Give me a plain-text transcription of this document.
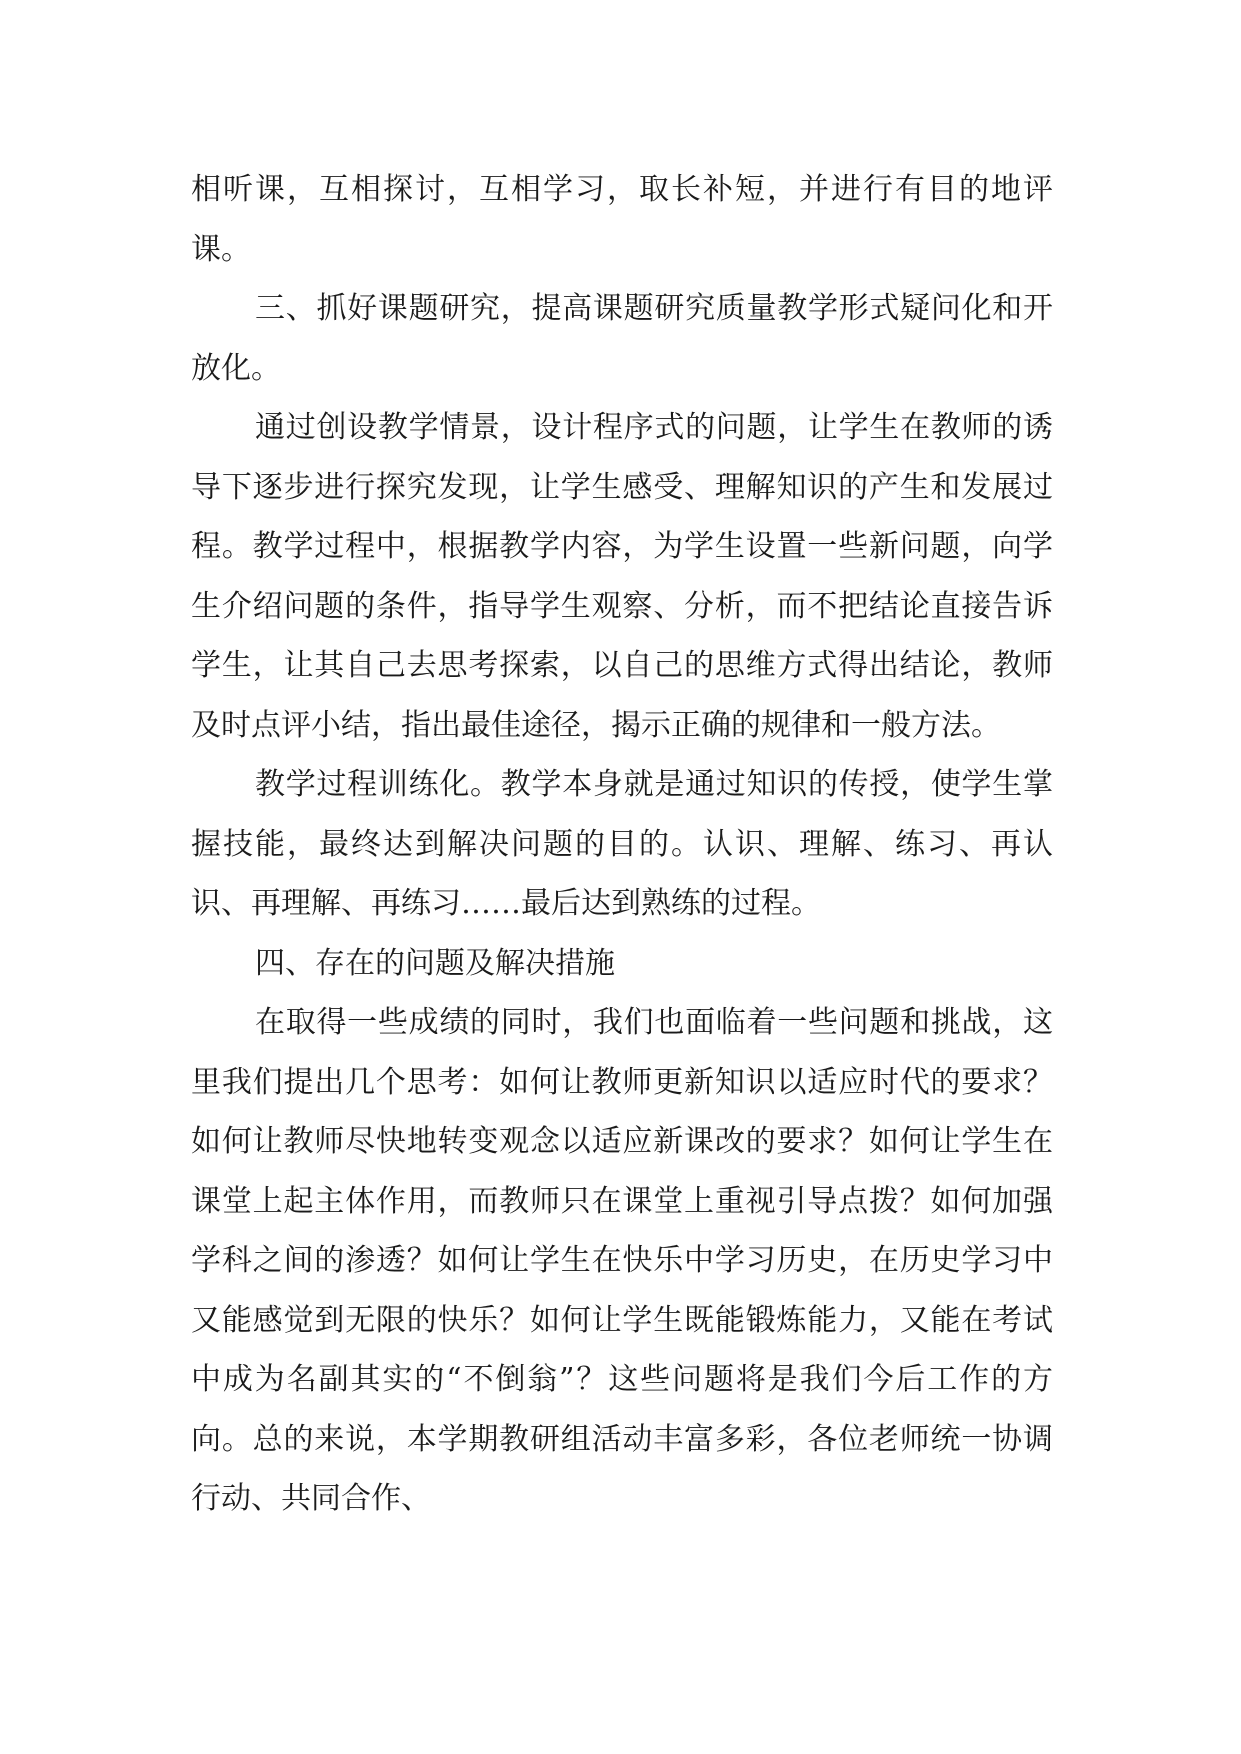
相听课，互相探讨，互相学习，取长补短，并进行有目的地评课。

三、抓好课题研究，提高课题研究质量教学形式疑问化和开放化。

通过创设教学情景，设计程序式的问题，让学生在教师的诱导下逐步进行探究发现，让学生感受、理解知识的产生和发展过程。教学过程中，根据教学内容，为学生设置一些新问题，向学生介绍问题的条件，指导学生观察、分析，而不把结论直接告诉学生，让其自己去思考探索，以自己的思维方式得出结论，教师及时点评小结，指出最佳途径，揭示正确的规律和一般方法。

教学过程训练化。教学本身就是通过知识的传授，使学生掌握技能，最终达到解决问题的目的。认识、理解、练习、再认识、再理解、再练习……最后达到熟练的过程。

四、存在的问题及解决措施

在取得一些成绩的同时，我们也面临着一些问题和挑战，这里我们提出几个思考：如何让教师更新知识以适应时代的要求？如何让教师尽快地转变观念以适应新课改的要求？如何让学生在课堂上起主体作用，而教师只在课堂上重视引导点拨？如何加强学科之间的渗透？如何让学生在快乐中学习历史，在历史学习中又能感觉到无限的快乐？如何让学生既能锻炼能力，又能在考试中成为名副其实的“不倒翁”？这些问题将是我们今后工作的方向。总的来说，本学期教研组活动丰富多彩，各位老师统一协调行动、共同合作、
